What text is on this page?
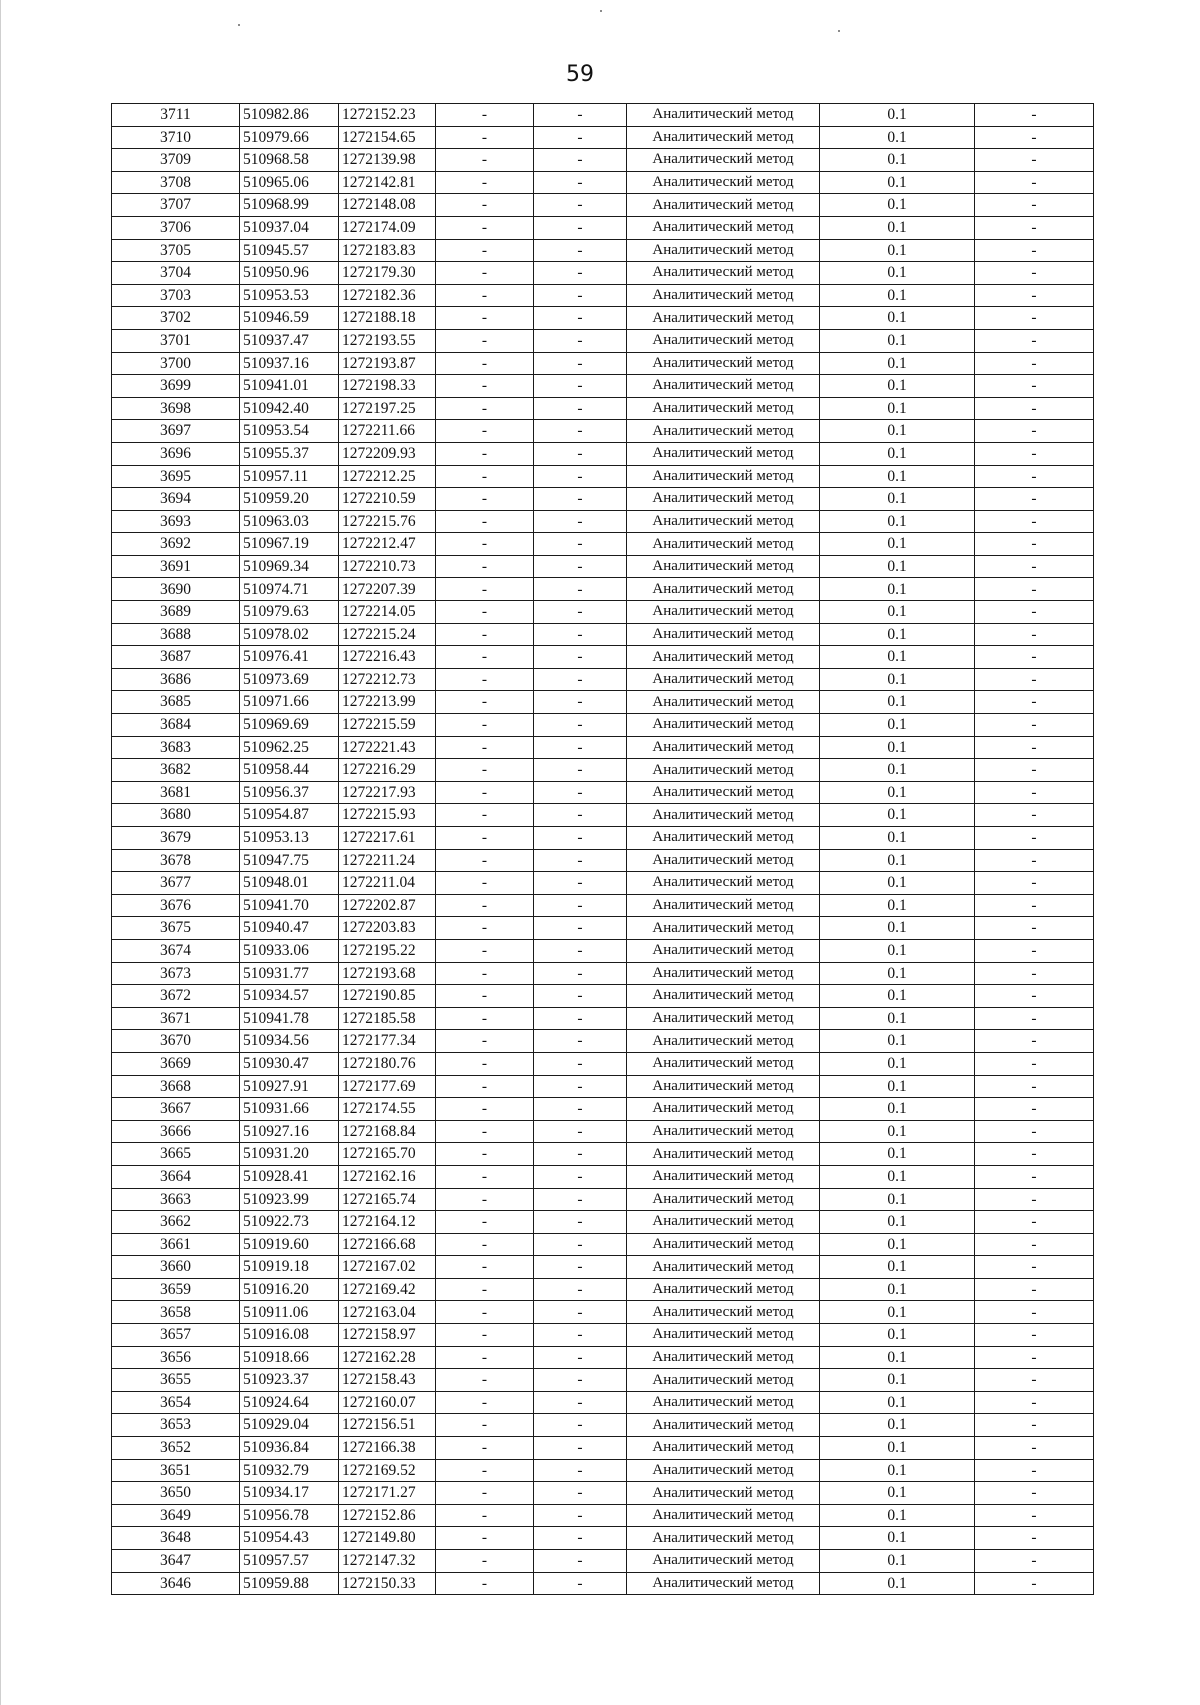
59
3711	510982.86	1272152.23	-	-	Аналитический метод	0.1	-
3710	510979.66	1272154.65	-	-	Аналитический метод	0.1	-
3709	510968.58	1272139.98	-	-	Аналитический метод	0.1	-
3708	510965.06	1272142.81	-	-	Аналитический метод	0.1	-
3707	510968.99	1272148.08	-	-	Аналитический метод	0.1	-
3706	510937.04	1272174.09	-	-	Аналитический метод	0.1	-
3705	510945.57	1272183.83	-	-	Аналитический метод	0.1	-
3704	510950.96	1272179.30	-	-	Аналитический метод	0.1	-
3703	510953.53	1272182.36	-	-	Аналитический метод	0.1	-
3702	510946.59	1272188.18	-	-	Аналитический метод	0.1	-
3701	510937.47	1272193.55	-	-	Аналитический метод	0.1	-
3700	510937.16	1272193.87	-	-	Аналитический метод	0.1	-
3699	510941.01	1272198.33	-	-	Аналитический метод	0.1	-
3698	510942.40	1272197.25	-	-	Аналитический метод	0.1	-
3697	510953.54	1272211.66	-	-	Аналитический метод	0.1	-
3696	510955.37	1272209.93	-	-	Аналитический метод	0.1	-
3695	510957.11	1272212.25	-	-	Аналитический метод	0.1	-
3694	510959.20	1272210.59	-	-	Аналитический метод	0.1	-
3693	510963.03	1272215.76	-	-	Аналитический метод	0.1	-
3692	510967.19	1272212.47	-	-	Аналитический метод	0.1	-
3691	510969.34	1272210.73	-	-	Аналитический метод	0.1	-
3690	510974.71	1272207.39	-	-	Аналитический метод	0.1	-
3689	510979.63	1272214.05	-	-	Аналитический метод	0.1	-
3688	510978.02	1272215.24	-	-	Аналитический метод	0.1	-
3687	510976.41	1272216.43	-	-	Аналитический метод	0.1	-
3686	510973.69	1272212.73	-	-	Аналитический метод	0.1	-
3685	510971.66	1272213.99	-	-	Аналитический метод	0.1	-
3684	510969.69	1272215.59	-	-	Аналитический метод	0.1	-
3683	510962.25	1272221.43	-	-	Аналитический метод	0.1	-
3682	510958.44	1272216.29	-	-	Аналитический метод	0.1	-
3681	510956.37	1272217.93	-	-	Аналитический метод	0.1	-
3680	510954.87	1272215.93	-	-	Аналитический метод	0.1	-
3679	510953.13	1272217.61	-	-	Аналитический метод	0.1	-
3678	510947.75	1272211.24	-	-	Аналитический метод	0.1	-
3677	510948.01	1272211.04	-	-	Аналитический метод	0.1	-
3676	510941.70	1272202.87	-	-	Аналитический метод	0.1	-
3675	510940.47	1272203.83	-	-	Аналитический метод	0.1	-
3674	510933.06	1272195.22	-	-	Аналитический метод	0.1	-
3673	510931.77	1272193.68	-	-	Аналитический метод	0.1	-
3672	510934.57	1272190.85	-	-	Аналитический метод	0.1	-
3671	510941.78	1272185.58	-	-	Аналитический метод	0.1	-
3670	510934.56	1272177.34	-	-	Аналитический метод	0.1	-
3669	510930.47	1272180.76	-	-	Аналитический метод	0.1	-
3668	510927.91	1272177.69	-	-	Аналитический метод	0.1	-
3667	510931.66	1272174.55	-	-	Аналитический метод	0.1	-
3666	510927.16	1272168.84	-	-	Аналитический метод	0.1	-
3665	510931.20	1272165.70	-	-	Аналитический метод	0.1	-
3664	510928.41	1272162.16	-	-	Аналитический метод	0.1	-
3663	510923.99	1272165.74	-	-	Аналитический метод	0.1	-
3662	510922.73	1272164.12	-	-	Аналитический метод	0.1	-
3661	510919.60	1272166.68	-	-	Аналитический метод	0.1	-
3660	510919.18	1272167.02	-	-	Аналитический метод	0.1	-
3659	510916.20	1272169.42	-	-	Аналитический метод	0.1	-
3658	510911.06	1272163.04	-	-	Аналитический метод	0.1	-
3657	510916.08	1272158.97	-	-	Аналитический метод	0.1	-
3656	510918.66	1272162.28	-	-	Аналитический метод	0.1	-
3655	510923.37	1272158.43	-	-	Аналитический метод	0.1	-
3654	510924.64	1272160.07	-	-	Аналитический метод	0.1	-
3653	510929.04	1272156.51	-	-	Аналитический метод	0.1	-
3652	510936.84	1272166.38	-	-	Аналитический метод	0.1	-
3651	510932.79	1272169.52	-	-	Аналитический метод	0.1	-
3650	510934.17	1272171.27	-	-	Аналитический метод	0.1	-
3649	510956.78	1272152.86	-	-	Аналитический метод	0.1	-
3648	510954.43	1272149.80	-	-	Аналитический метод	0.1	-
3647	510957.57	1272147.32	-	-	Аналитический метод	0.1	-
3646	510959.88	1272150.33	-	-	Аналитический метод	0.1	-
